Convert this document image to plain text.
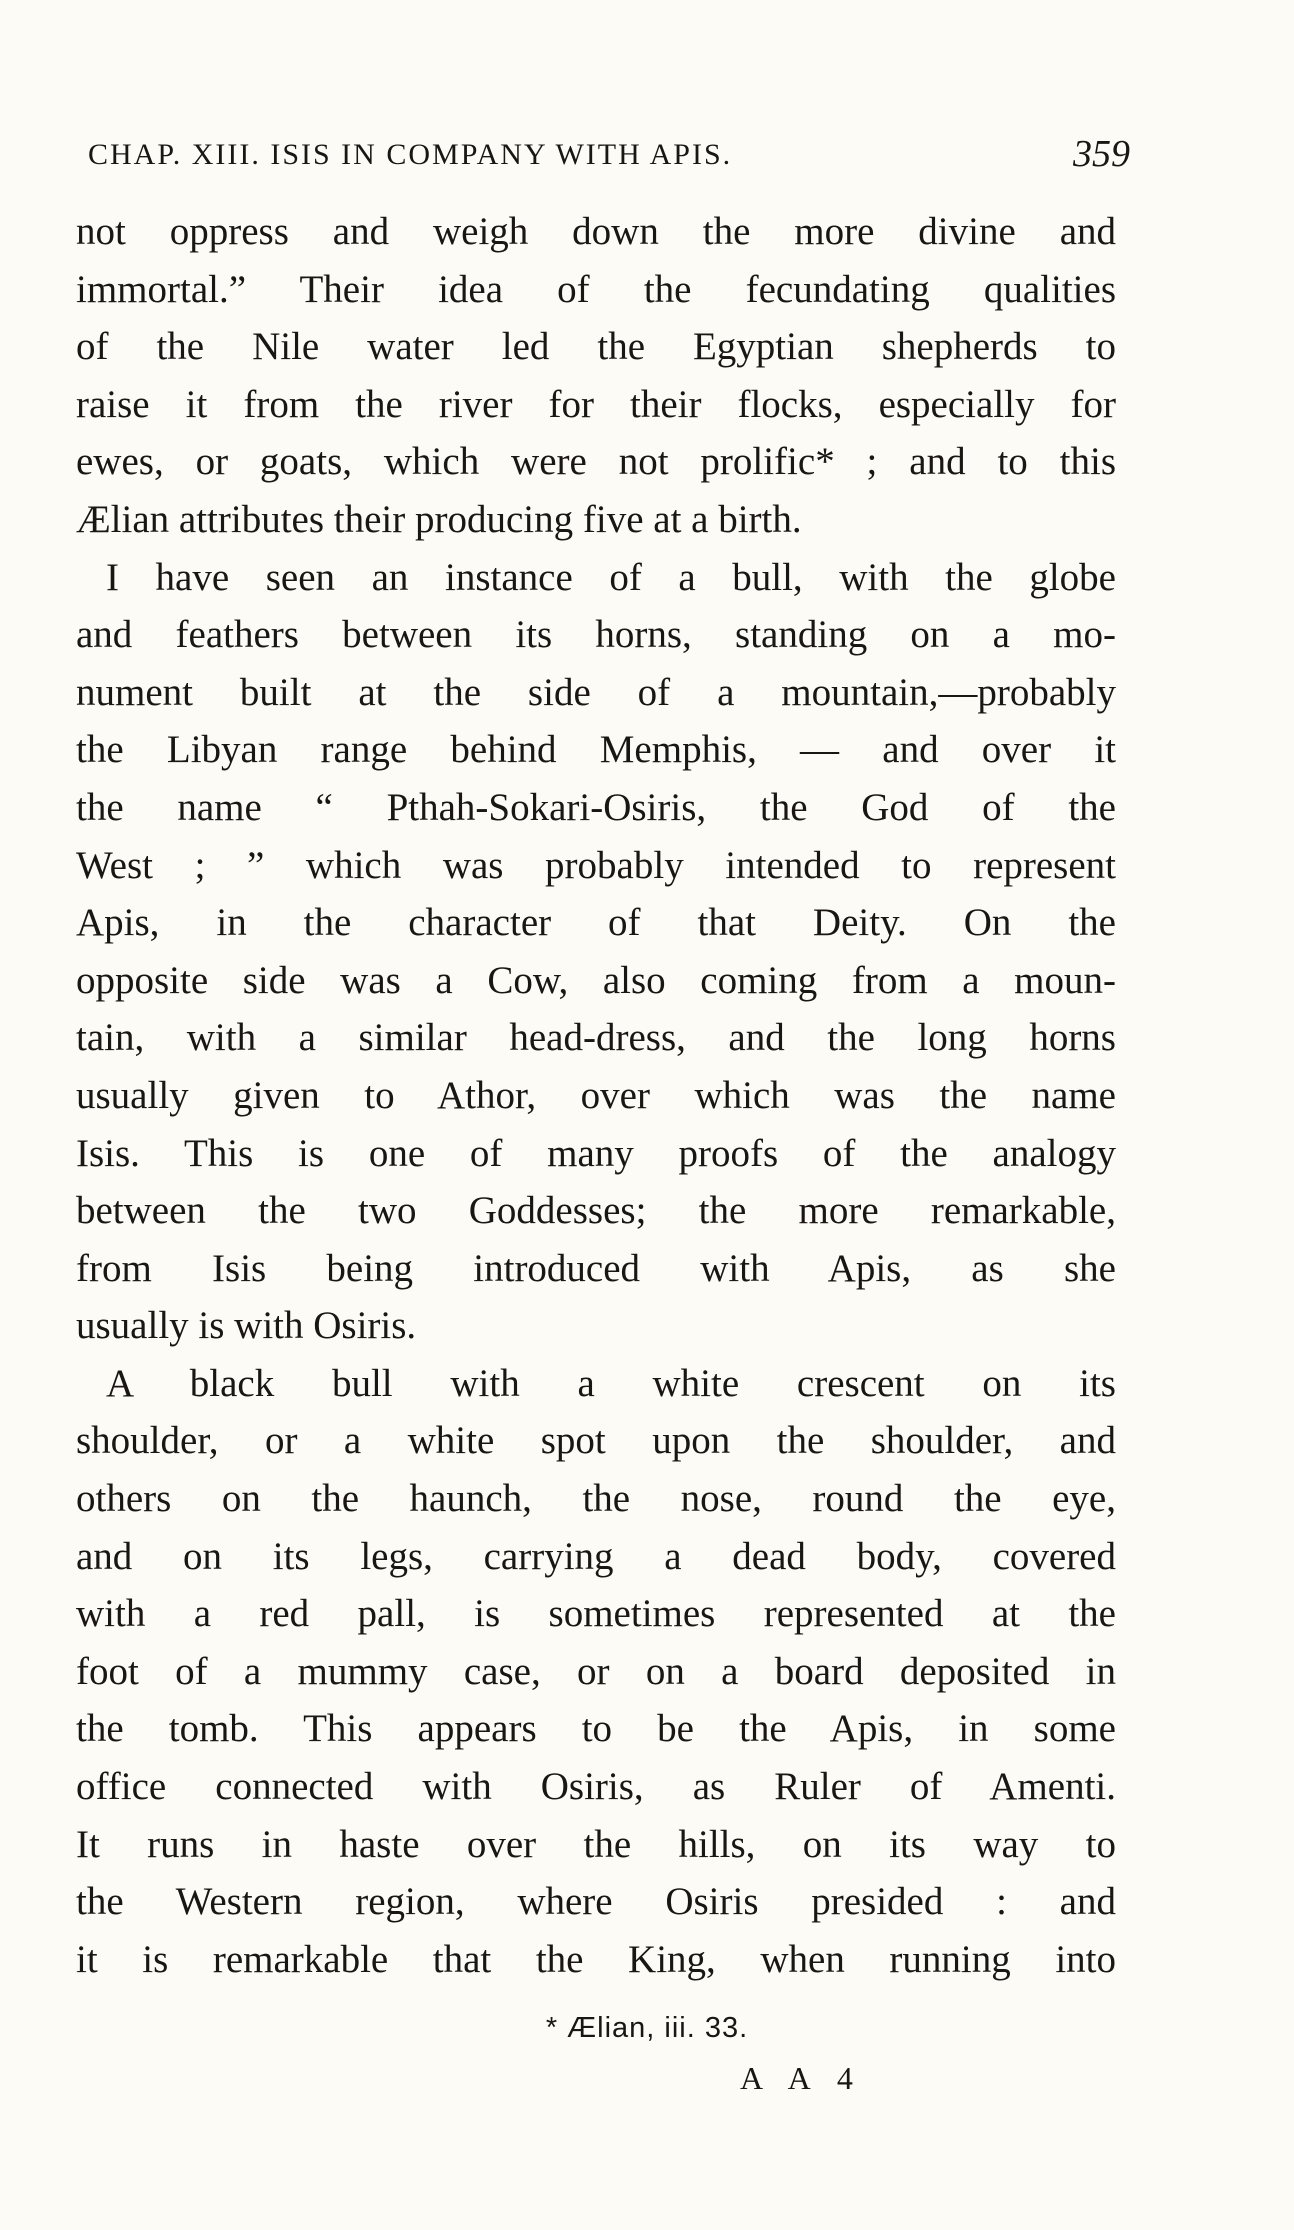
CHAP. XIII. ISIS IN COMPANY WITH APIS.	359
not oppress and weigh down the more divine and
immortal.” Their idea of the fecundating qualities
of the Nile water led the Egyptian shepherds to
raise it from the river for their flocks, especially for
ewes, or goats, which were not prolific* ; and to this
Ælian attributes their producing five at a birth.
I have seen an instance of a bull, with the globe
and feathers between its horns, standing on a mo-
nument built at the side of a mountain,—probably
the Libyan range behind Memphis, — and over it
the name “ Pthah-Sokari-Osiris, the God of the
West ; ” which was probably intended to represent
Apis, in the character of that Deity. On the
opposite side was a Cow, also coming from a moun-
tain, with a similar head-dress, and the long horns
usually given to Athor, over which was the name
Isis. This is one of many proofs of the analogy
between the two Goddesses; the more remarkable,
from Isis being introduced with Apis, as she
usually is with Osiris.
A black bull with a white crescent on its
shoulder, or a white spot upon the shoulder, and
others on the haunch, the nose, round the eye,
and on its legs, carrying a dead body, covered
with a red pall, is sometimes represented at the
foot of a mummy case, or on a board deposited in
the tomb. This appears to be the Apis, in some
office connected with Osiris, as Ruler of Amenti.
It runs in haste over the hills, on its way to
the Western region, where Osiris presided : and
it is remarkable that the King, when running into
* Ælian, iii. 33.
A A 4
